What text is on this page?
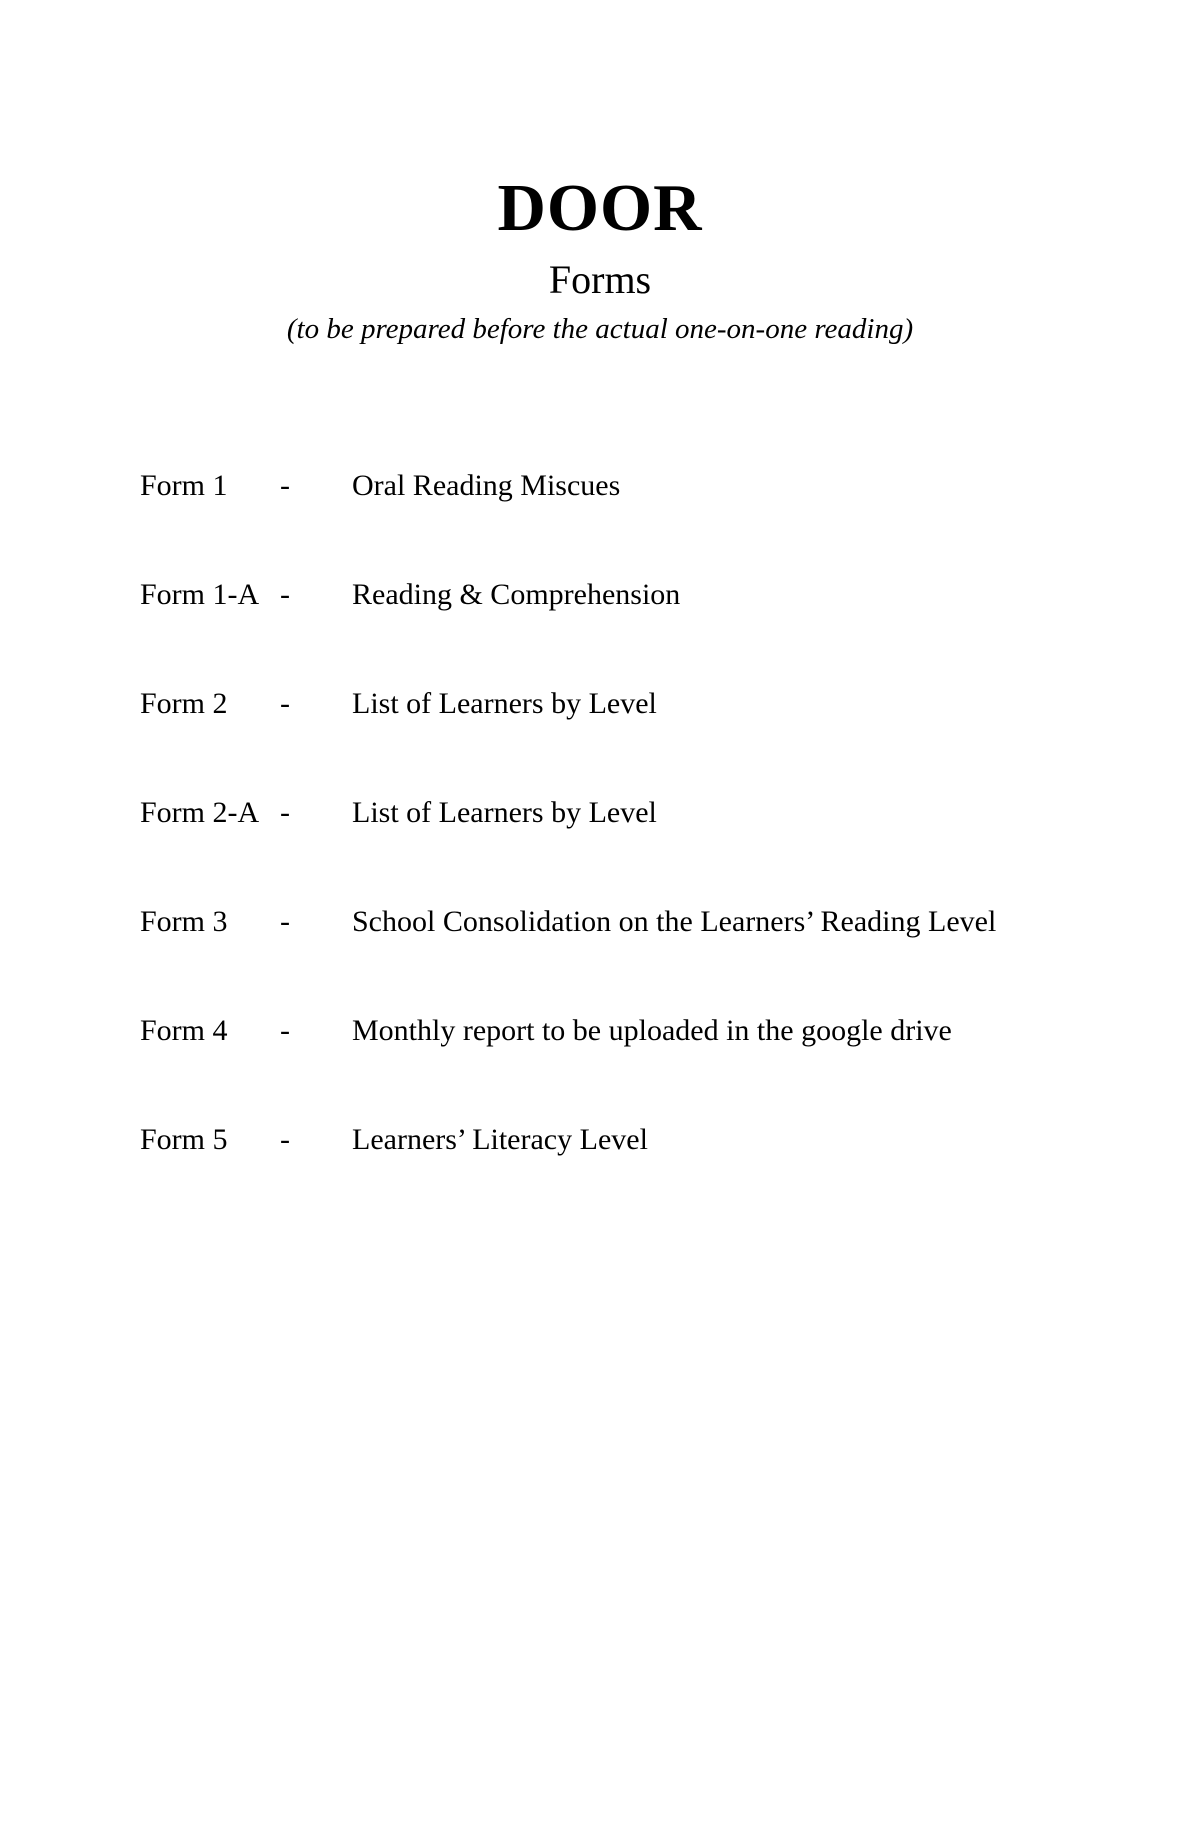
DOOR
Forms
(to be prepared before the actual one-on-one reading)
Form 1 - Oral Reading Miscues
Form 1-A - Reading & Comprehension
Form 2 - List of Learners by Level
Form 2-A - List of Learners by Level
Form 3 - School Consolidation on the Learners’ Reading Level
Form 4 - Monthly report to be uploaded in the google drive
Form 5 - Learners’ Literacy Level
